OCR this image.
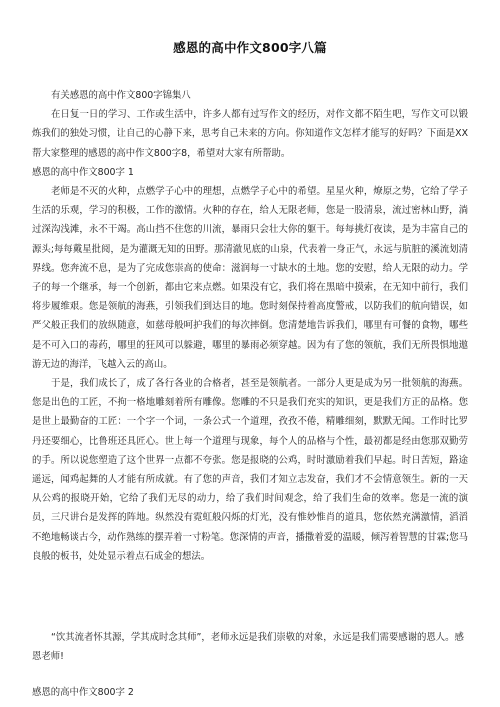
感恩的高中作文800字八篇

有关感恩的高中作文800字锦集八

在日复一日的学习、工作或生活中，许多人都有过写作文的经历，对作文都不陌生吧，写作文可以锻炼我们的独处习惯，让自己的心静下来，思考自己未来的方向。你知道作文怎样才能写的好吗？下面是XX帮大家整理的感恩的高中作文800字8，希望对大家有所帮助。

感恩的高中作文800字 1

老师是不灭的火种，点燃学子心中的理想，点燃学子心中的希望。星星火种，燎原之势，它给了学子生活的乐观，学习的积极，工作的激情。火种的存在，给人无限老师，您是一股清泉，流过密林山野，淌过深沟浅滩，永不干竭。高山挡不住您的川流，暴雨只会壮大你的躯干。每每挑灯夜读，是为丰富自己的源头;每每戴星批阅，是为灌溉无知的田野。那清澈见底的山泉，代表着一身正气，永远与肮脏的溪流划清界线。您奔流不息，是为了完成您崇高的使命：滋润每一寸缺水的土地。您的安慰，给人无限的动力。学子的每一个继承，每一个创新，都由它来点燃。如果没有它，我们将在黑暗中摸索，在无知中前行，我们将步履维艰。您是领航的海燕，引领我们到达目的地。您时刻保持着高度警戒，以防我们的航向错误，如严父般正我们的放纵随意，如慈母般呵护我们的每次摔倒。您清楚地告诉我们，哪里有可餐的食物，哪些是不可入口的毒药，哪里的狂风可以躲避，哪里的暴雨必须穿越。因为有了您的领航，我们无所畏惧地遨游无边的海洋，飞越入云的高山。

于是，我们成长了，成了各行各业的合格者，甚至是领航者。一部分人更是成为另一批领航的海燕。您是出色的工匠，不拘一格地雕刻着所有雕像。您雕的不只是我们充实的知识，更是我们方正的品格。您是世上最勤奋的工匠：一个字一个词，一条公式一个道理，孜孜不倦，精雕细刻，默默无闻。工作时比罗丹还要细心，比鲁班还具匠心。世上每一个道理与现象，每个人的品格与个性，最初都是经由您那双勤劳的手。所以说您塑造了这个世界一点都不夸张。您是报晓的公鸡，时时激励着我们早起。时日苦短，路途遥远，闻鸡起舞的人才能有所成就。有了您的声音，我们才知立志发奋，我们才不会情意领生。新的一天从公鸡的报晓开始，它给了我们无尽的动力，给了我们时间观念，给了我们生命的效率。您是一流的演员，三尺讲台是发挥的阵地。纵然没有霓虹般闪烁的灯光，没有惟妙惟肖的道具，您依然充满激情，滔滔不绝地畅谈古今，动作熟练的摆弄着一寸粉笔。您深情的声音，播撒着爱的温暖，倾泻着智慧的甘霖;您马良般的板书，处处显示着点石成金的想法。

“饮其流者怀其源，学其成时念其师”，老师永远是我们崇敬的对象，永远是我们需要感谢的恩人。感恩老师!

感恩的高中作文800字 2
